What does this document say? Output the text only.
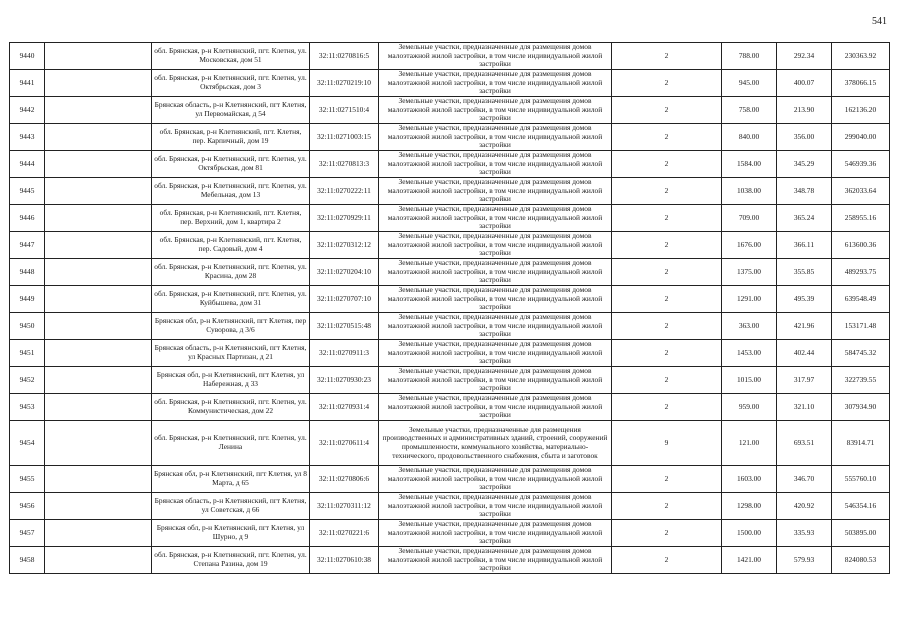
541
9440		обл. Брянская, р-н Клетнянский, пгт. Клетня, ул. Московская, дом 51	32:11:0270816:5	Земельные участки, предназначенные для размещения домов малоэтажной жилой застройки, в том числе индивидуальной жилой застройки	2	788.00	292.34	230363.92
9441		обл. Брянская, р-н Клетнянский, пгт. Клетня, ул. Октябрьская, дом 3	32:11:0270219:10	Земельные участки, предназначенные для размещения домов малоэтажной жилой застройки, в том числе индивидуальной жилой застройки	2	945.00	400.07	378066.15
9442		Брянская область, р-н Клетнянский, пгт Клетня, ул Первомайская, д 54	32:11:0271510:4	Земельные участки, предназначенные для размещения домов малоэтажной жилой застройки, в том числе индивидуальной жилой застройки	2	758.00	213.90	162136.20
9443		обл. Брянская, р-н Клетнянский, пгт. Клетня, пер. Карпичный, дом 19	32:11:0271003:15	Земельные участки, предназначенные для размещения домов малоэтажной жилой застройки, в том числе индивидуальной жилой застройки	2	840.00	356.00	299040.00
9444		обл. Брянская, р-н Клетнянский, пгт. Клетня, ул. Октябрьская, дом 81	32:11:0270813:3	Земельные участки, предназначенные для размещения домов малоэтажной жилой застройки, в том числе индивидуальной жилой застройки	2	1584.00	345.29	546939.36
9445		обл. Брянская, р-н Клетнянский, пгт. Клетня, ул. Мебельная, дом 13	32:11:0270222:11	Земельные участки, предназначенные для размещения домов малоэтажной жилой застройки, в том числе индивидуальной жилой застройки	2	1038.00	348.78	362033.64
9446		обл. Брянская, р-н Клетнянский, пгт. Клетня, пер. Верхний, дом 1, квартира 2	32:11:0270929:11	Земельные участки, предназначенные для размещения домов малоэтажной жилой застройки, в том числе индивидуальной жилой застройки	2	709.00	365.24	258955.16
9447		обл. Брянская, р-н Клетнянский, пгт. Клетня, пер. Садовый, дом 4	32:11:0270312:12	Земельные участки, предназначенные для размещения домов малоэтажной жилой застройки, в том числе индивидуальной жилой застройки	2	1676.00	366.11	613600.36
9448		обл. Брянская, р-н Клетнянский, пгт. Клетня, ул. Красина, дом 28	32:11:0270204:10	Земельные участки, предназначенные для размещения домов малоэтажной жилой застройки, в том числе индивидуальной жилой застройки	2	1375.00	355.85	489293.75
9449		обл. Брянская, р-н Клетнянский, пгт. Клетня, ул. Куйбышева, дом 31	32:11:0270707:10	Земельные участки, предназначенные для размещения домов малоэтажной жилой застройки, в том числе индивидуальной жилой застройки	2	1291.00	495.39	639548.49
9450		Брянская обл, р-н Клетнянский, пгт Клетня, пер Суворова, д 3/6	32:11:0270515:48	Земельные участки, предназначенные для размещения домов малоэтажной жилой застройки, в том числе индивидуальной жилой застройки	2	363.00	421.96	153171.48
9451		Брянская область, р-н Клетнянский, пгт Клетня, ул Красных Партизан, д 21	32:11:0270911:3	Земельные участки, предназначенные для размещения домов малоэтажной жилой застройки, в том числе индивидуальной жилой застройки	2	1453.00	402.44	584745.32
9452		Брянская обл, р-н Клетнянский, пгт Клетня, ул Набережная, д 33	32:11:0270930:23	Земельные участки, предназначенные для размещения домов малоэтажной жилой застройки, в том числе индивидуальной жилой застройки	2	1015.00	317.97	322739.55
9453		обл. Брянская, р-н Клетнянский, пгт. Клетня, ул. Коммунистическая, дом 22	32:11:0270931:4	Земельные участки, предназначенные для размещения домов малоэтажной жилой застройки, в том числе индивидуальной жилой застройки	2	959.00	321.10	307934.90
9454		обл. Брянская, р-н Клетнянский, пгт. Клетня, ул. Ленина	32:11:0270611:4	Земельные участки, предназначенные для размещения производственных и административных зданий, строений, сооружений промышленности, коммунального хозяйства, материально-технического, продовольственного снабжения, сбыта и заготовок	9	121.00	693.51	83914.71
9455		Брянская обл, р-н Клетнянский, пгт Клетня, ул 8 Марта, д 65	32:11:0270806:6	Земельные участки, предназначенные для размещения домов малоэтажной жилой застройки, в том числе индивидуальной жилой застройки	2	1603.00	346.70	555760.10
9456		Брянская область, р-н Клетнянский, пгт Клетня, ул Советская, д 66	32:11:0270311:12	Земельные участки, предназначенные для размещения домов малоэтажной жилой застройки, в том числе индивидуальной жилой застройки	2	1298.00	420.92	546354.16
9457		Брянская обл, р-н Клетнянский, пгт Клетня, ул Шурно, д 9	32:11:0270221:6	Земельные участки, предназначенные для размещения домов малоэтажной жилой застройки, в том числе индивидуальной жилой застройки	2	1500.00	335.93	503895.00
9458		обл. Брянская, р-н Клетнянский, пгт. Клетня, ул. Степана Разина, дом 19	32:11:0270610:38	Земельные участки, предназначенные для размещения домов малоэтажной жилой застройки, в том числе индивидуальной жилой застройки	2	1421.00	579.93	824080.53
